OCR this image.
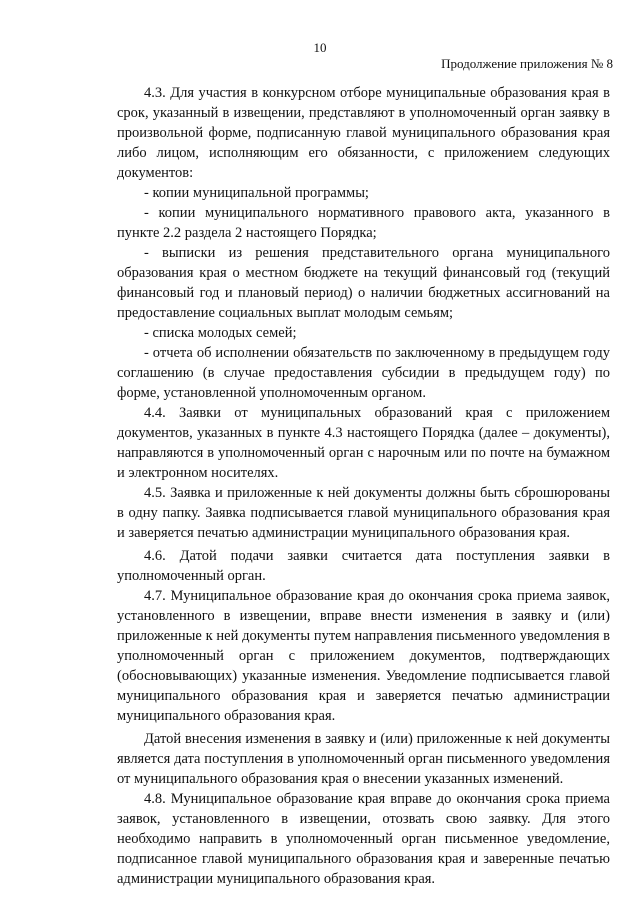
10
Продолжение приложения № 8

4.3. Для участия в конкурсном отборе муниципальные образования края в срок, указанный в извещении, представляют в уполномоченный орган заявку в произвольной форме, подписанную главой муниципального образования края либо лицом, исполняющим его обязанности, с приложением следующих документов:

- копии муниципальной программы;

- копии муниципального нормативного правового акта, указанного в пункте 2.2 раздела 2 настоящего Порядка;

- выписки из решения представительного органа муниципального образования края о местном бюджете на текущий финансовый год (текущий финансовый год и плановый период) о наличии бюджетных ассигнований на предоставление социальных выплат молодым семьям;

- списка молодых семей;

- отчета об исполнении обязательств по заключенному в предыдущем году соглашению (в случае предоставления субсидии в предыдущем году) по форме, установленной уполномоченным органом.

4.4. Заявки от муниципальных образований края с приложением документов, указанных в пункте 4.3 настоящего Порядка (далее – документы), направляются в уполномоченный орган с нарочным или по почте на бумажном и электронном носителях.

4.5. Заявка и приложенные к ней документы должны быть сброшюрованы в одну папку. Заявка подписывается главой муниципального образования края и заверяется печатью администрации муниципального образования края.

4.6. Датой подачи заявки считается дата поступления заявки в уполномоченный орган.

4.7. Муниципальное образование края до окончания срока приема заявок, установленного в извещении, вправе внести изменения в заявку и (или) приложенные к ней документы путем направления письменного уведомления в уполномоченный орган с приложением документов, подтверждающих (обосновывающих) указанные изменения. Уведомление подписывается главой муниципального образования края и заверяется печатью администрации муниципального образования края.

Датой внесения изменения в заявку и (или) приложенные к ней документы является дата поступления в уполномоченный орган письменного уведомления от муниципального образования края о внесении указанных изменений.

4.8. Муниципальное образование края вправе до окончания срока приема заявок, установленного в извещении, отозвать свою заявку. Для этого необходимо направить в уполномоченный орган письменное уведомление, подписанное главой муниципального образования края и заверенные печатью администрации муниципального образования края.
